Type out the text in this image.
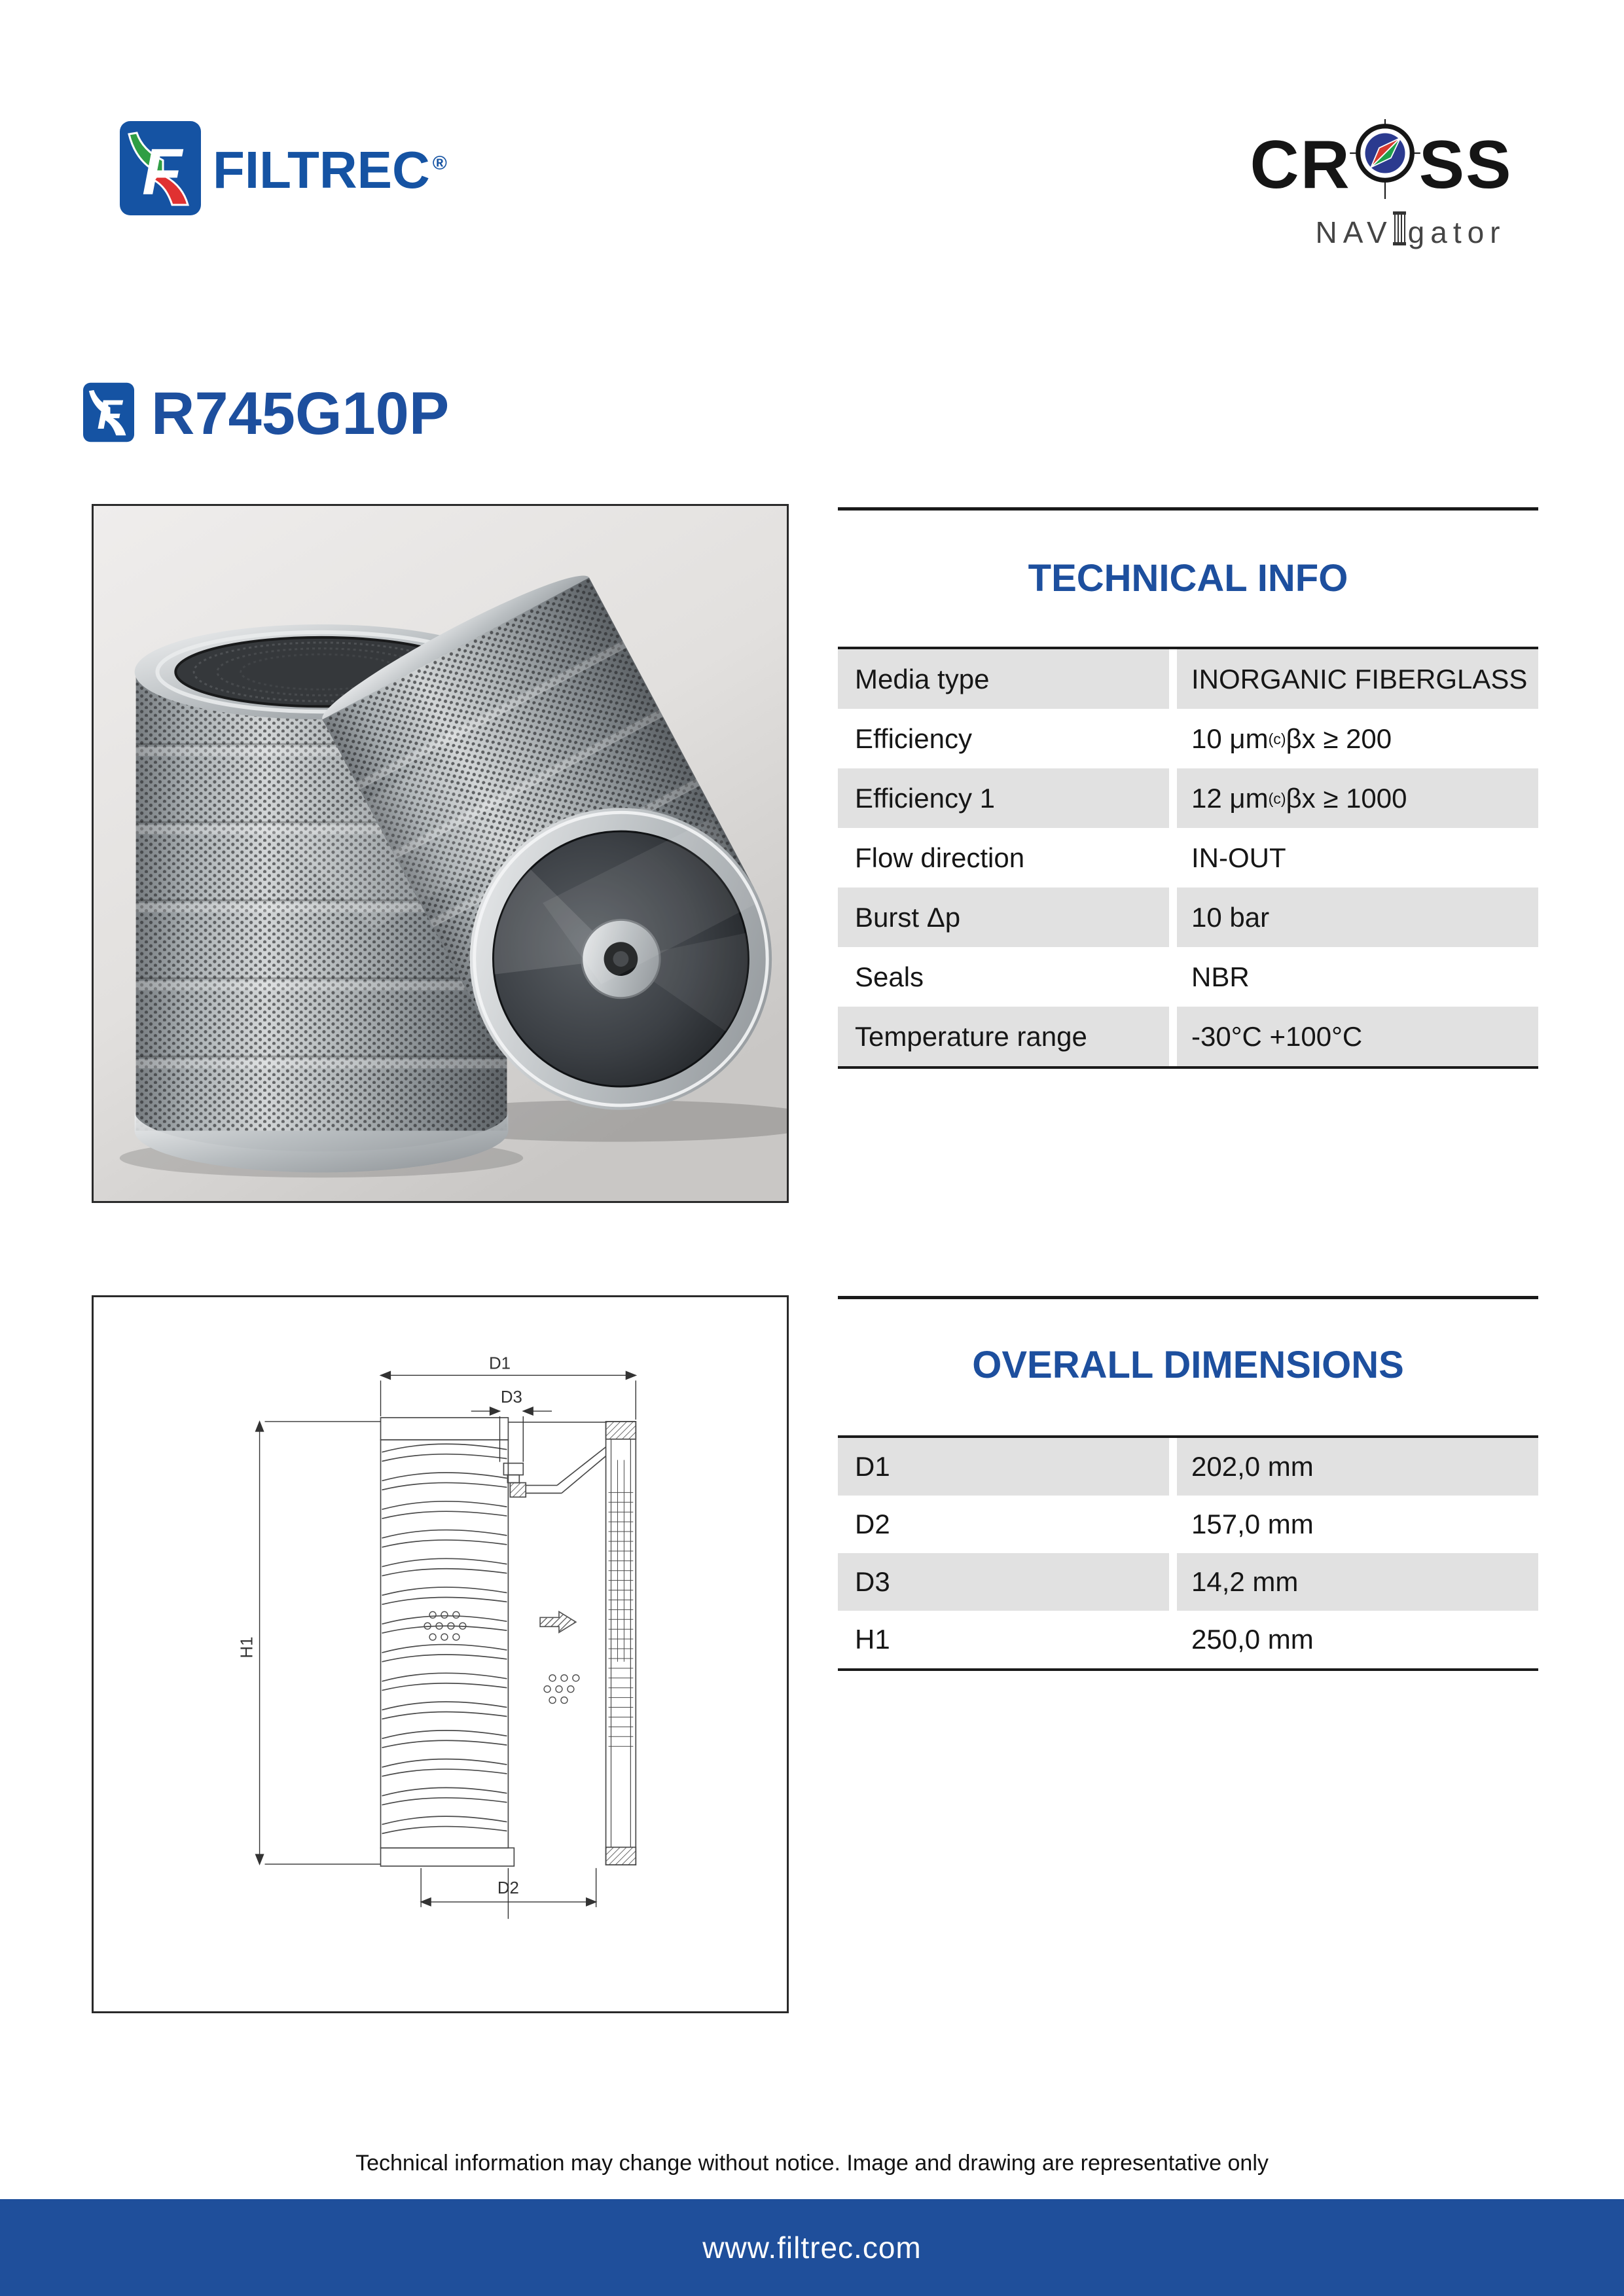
F FILTREC ®	CR SS
NAV gator
F R745G10P
TECHNICAL INFO
Media type	INORGANIC FIBERGLASS
Efficiency	10 μm (c) βx ≥ 200
Efficiency 1	12 μm (c) βx ≥ 1000
Flow direction	IN-OUT
Burst Δp	10 bar
Seals	NBR
Temperature range	-30°C +100°C
D1
D3
H1
D2
OVERALL DIMENSIONS
D1	202,0 mm
D2	157,0 mm
D3	14,2 mm
H1	250,0 mm
Technical information may change without notice. Image and drawing are representative only
www.filtrec.com
